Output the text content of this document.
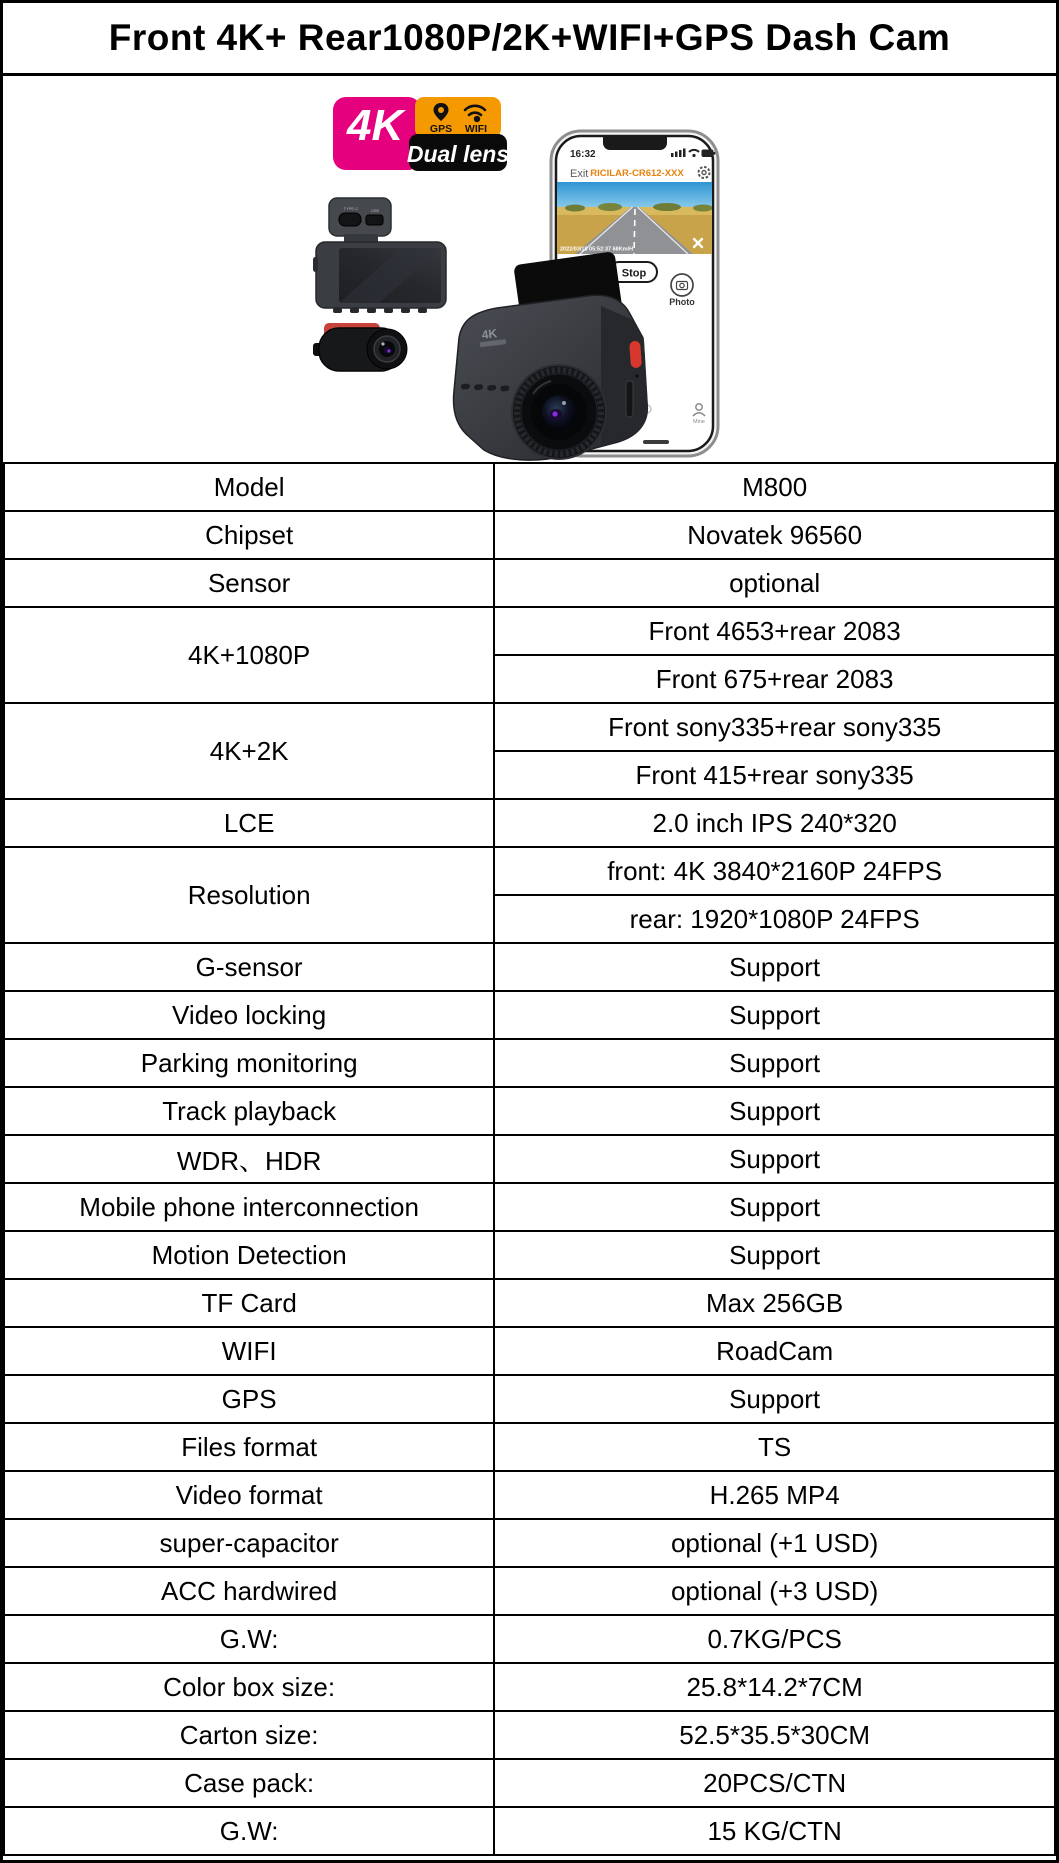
Front 4K+ Rear1080P/2K+WIFI+GPS Dash Cam
4K	GPS WIFI
Dual lens
TYPE-C	USB
16:32
Exit RICILAR-CR612-XXX
2022/03/18 05:52:37 68Km/H
Stop
Photo
Mine
4K
Model	M800
Chipset	Novatek 96560
Sensor	optional
4K+1080P	Front 4653+rear 2083
	Front 675+rear 2083
4K+2K	Front sony335+rear sony335
	Front 415+rear sony335
LCE	2.0 inch IPS 240*320
Resolution	front: 4K 3840*2160P 24FPS
	rear: 1920*1080P 24FPS
G-sensor	Support
Video locking	Support
Parking monitoring	Support
Track playback	Support
WDR、HDR	Support
Mobile phone interconnection	Support
Motion Detection	Support
TF Card	Max 256GB
WIFI	RoadCam
GPS	Support
Files format	TS
Video format	H.265 MP4
super-capacitor	optional (+1 USD)
ACC hardwired	optional (+3 USD)
G.W:	0.7KG/PCS
Color box size:	25.8*14.2*7CM
Carton size:	52.5*35.5*30CM
Case pack:	20PCS/CTN
G.W:	15 KG/CTN
